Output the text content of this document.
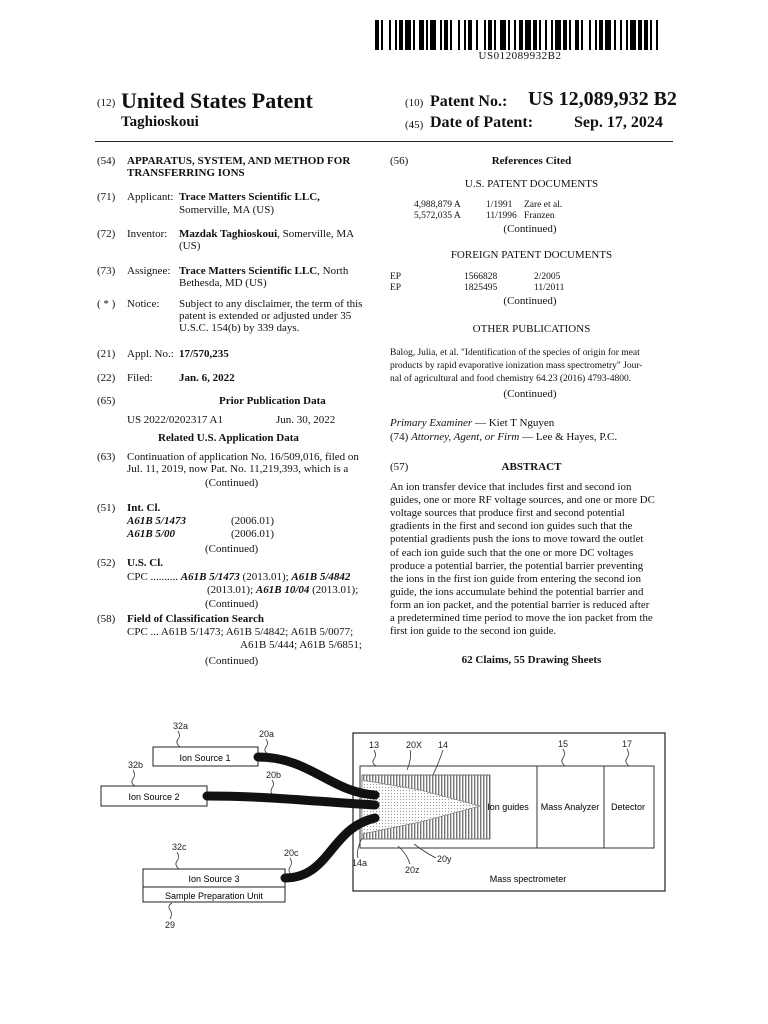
US012089932B2
(12) United States Patent
Taghioskoui
(10) Patent No.: US 12,089,932 B2
(45) Date of Patent:	Sep. 17, 2024
(54) APPARATUS, SYSTEM, AND METHOD FOR
TRANSFERRING IONS
(71) Applicant: Trace Matters Scientific LLC,
Somerville, MA (US)
(72) Inventor: Mazdak Taghioskoui, Somerville, MA
(US)
(73) Assignee: Trace Matters Scientific LLC, North
Bethesda, MD (US)
( * ) Notice: Subject to any disclaimer, the term of this
patent is extended or adjusted under 35
U.S.C. 154(b) by 339 days.
(21) Appl. No.: 17/570,235
(22) Filed: Jan. 6, 2022
(65)	Prior Publication Data
US 2022/0202317 A1	Jun. 30, 2022
Related U.S. Application Data
(63) Continuation of application No. 16/509,016, filed on
Jul. 11, 2019, now Pat. No. 11,219,393, which is a
(Continued)
(51) Int. Cl.
A61B 5/1473	(2006.01)
A61B 5/00	(2006.01)
(Continued)
(52) U.S. Cl.
CPC .......... A61B 5/1473 (2013.01); A61B 5/4842
(2013.01); A61B 10/04 (2013.01);
(Continued)
(58) Field of Classification Search
CPC ... A61B 5/1473; A61B 5/4842; A61B 5/0077;
A61B 5/444; A61B 5/6851;
(Continued)
(56)	References Cited
U.S. PATENT DOCUMENTS
4,988,879 A	1/1991 Zare et al.
5,572,035 A	11/1996 Franzen
(Continued)
FOREIGN PATENT DOCUMENTS
EP	1566828	2/2005
EP	1825495	11/2011
(Continued)
OTHER PUBLICATIONS
Balog, Julia, et al. "Identification of the species of origin for meat
products by rapid evaporative ionization mass spectrometry" Jour-
nal of agricultural and food chemistry 64.23 (2016) 4793-4800.
(Continued)
Primary Examiner — Kiet T Nguyen
(74) Attorney, Agent, or Firm — Lee & Hayes, P.C.
(57)	ABSTRACT
An ion transfer device that includes first and second ion
guides, one or more RF voltage sources, and one or more DC
voltage sources that produce first and second potential
gradients in the first and second ion guides such that the
potential gradients push the ions to move toward the outlet
of each ion guide such that the one or more DC voltages
produce a potential barrier, the potential barrier preventing
the ions in the first ion guide from entering the second ion
guide, the ions accumulate behind the potential barrier and
form an ion packet, and the potential barrier is reduced after
a predetermined time period to move the ion packet from the
first ion guide to the second ion guide.
62 Claims, 55 Drawing Sheets
Ion Source 1
Ion Source 2
Ion Source 3
Sample Preparation Unit
Ion guides Mass Analyzer Detector
Mass spectrometer
32a
20a
32b
20b
32c
20c
13	20X 14	15	17
14a
20z
20y
29
